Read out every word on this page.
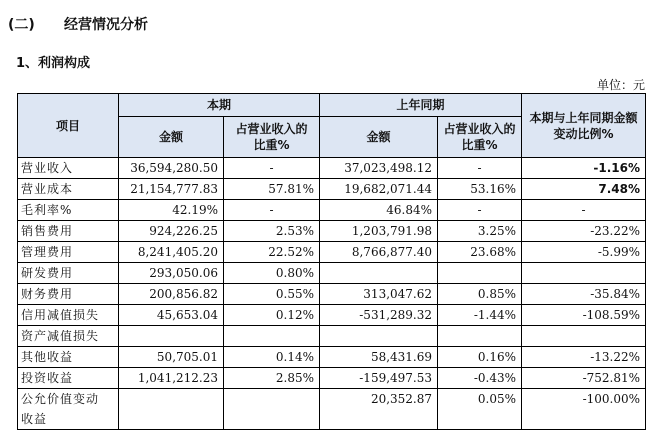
(二) 经营情况分析
1、利润构成
单位：元
项目	本期		上年同期		本期与上年同期金额变动比例%
	金额	占营业收入的比重%	金额	占营业收入的比重%	
营业收入	36,594,280.50	-	37,023,498.12	-	-1.16%
营业成本	21,154,777.83	57.81%	19,682,071.44	53.16%	7.48%
毛利率%	42.19%	-	46.84%	-	-
销售费用	924,226.25	2.53%	1,203,791.98	3.25%	-23.22%
管理费用	8,241,405.20	22.52%	8,766,877.40	23.68%	-5.99%
研发费用	293,050.06	0.80%			
财务费用	200,856.82	0.55%	313,047.62	0.85%	-35.84%
信用减值损失	45,653.04	0.12%	-531,289.32	-1.44%	-108.59%
资产减值损失					
其他收益	50,705.01	0.14%	58,431.69	0.16%	-13.22%
投资收益	1,041,212.23	2.85%	-159,497.53	-0.43%	-752.81%
公允价值变动收益			20,352.87	0.05%	-100.00%
